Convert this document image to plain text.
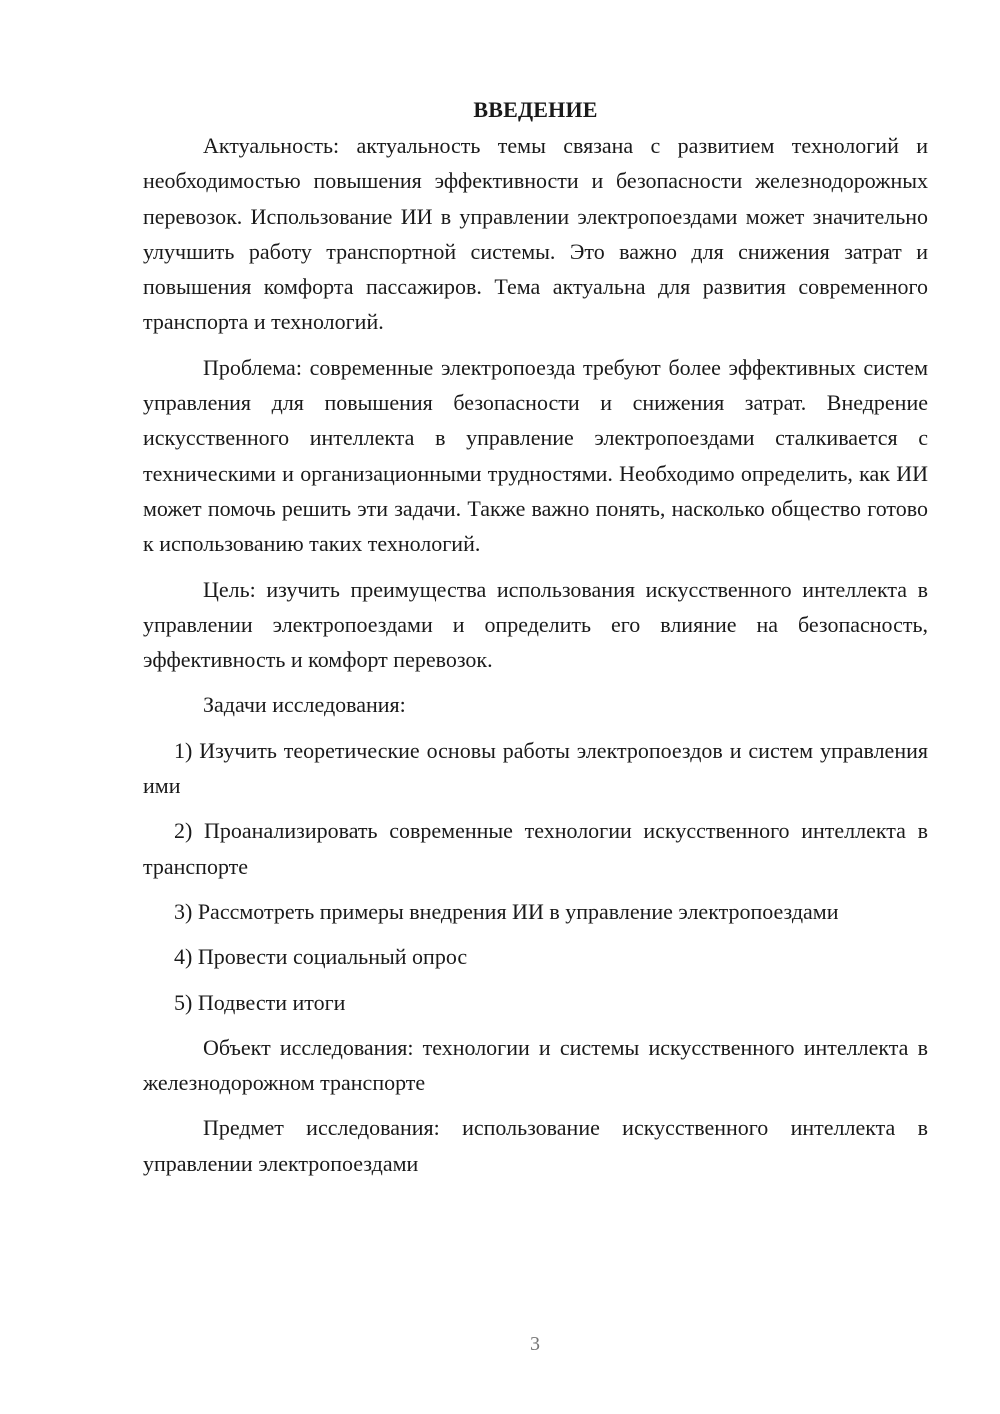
ВВЕДЕНИЕ

Актуальность: актуальность темы связана с развитием технологий и необходимостью повышения эффективности и безопасности железнодорожных перевозок. Использование ИИ в управлении электропоездами может значительно улучшить работу транспортной системы. Это важно для снижения затрат и повышения комфорта пассажиров. Тема актуальна для развития современного транспорта и технологий.

Проблема: современные электропоезда требуют более эффективных систем управления для повышения безопасности и снижения затрат. Внедрение искусственного интеллекта в управление электропоездами сталкивается с техническими и организационными трудностями. Необходимо определить, как ИИ может помочь решить эти задачи. Также важно понять, насколько общество готово к использованию таких технологий.

Цель: изучить преимущества использования искусственного интеллекта в управлении электропоездами и определить его влияние на безопасность, эффективность и комфорт перевозок.

Задачи исследования:

1) Изучить теоретические основы работы электропоездов и систем управления ими

2) Проанализировать современные технологии искусственного интеллекта в транспорте

3) Рассмотреть примеры внедрения ИИ в управление электропоездами

4) Провести социальный опрос

5) Подвести итоги

Объект исследования: технологии и системы искусственного интеллекта в железнодорожном транспорте

Предмет исследования: использование искусственного интеллекта в управлении электропоездами

3
